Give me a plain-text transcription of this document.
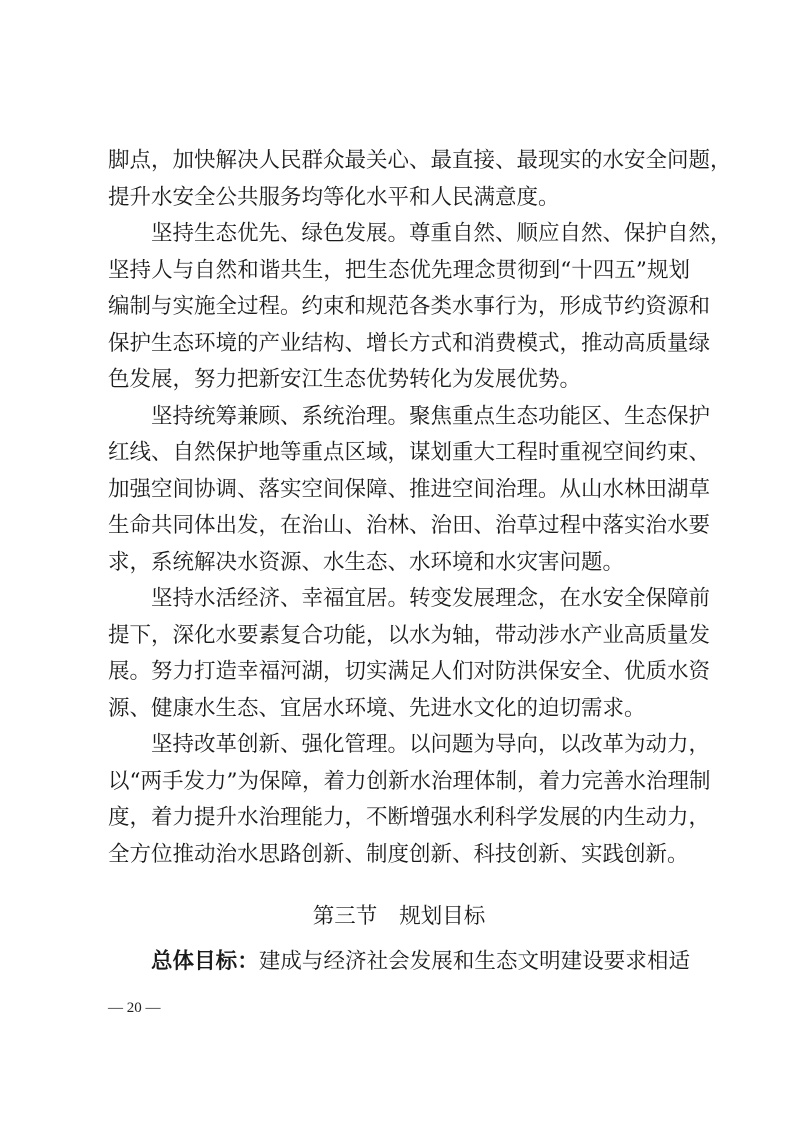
脚点，加快解决人民群众最关心、最直接、最现实的水安全问题，
提升水安全公共服务均等化水平和人民满意度。
坚持生态优先、绿色发展。尊重自然、顺应自然、保护自然，
坚持人与自然和谐共生，把生态优先理念贯彻到“十四五”规划
编制与实施全过程。约束和规范各类水事行为，形成节约资源和
保护生态环境的产业结构、增长方式和消费模式，推动高质量绿
色发展，努力把新安江生态优势转化为发展优势。
坚持统筹兼顾、系统治理。聚焦重点生态功能区、生态保护
红线、自然保护地等重点区域，谋划重大工程时重视空间约束、
加强空间协调、落实空间保障、推进空间治理。从山水林田湖草
生命共同体出发，在治山、治林、治田、治草过程中落实治水要
求，系统解决水资源、水生态、水环境和水灾害问题。
坚持水活经济、幸福宜居。转变发展理念，在水安全保障前
提下，深化水要素复合功能，以水为轴，带动涉水产业高质量发
展。努力打造幸福河湖，切实满足人们对防洪保安全、优质水资
源、健康水生态、宜居水环境、先进水文化的迫切需求。
坚持改革创新、强化管理。以问题为导向，以改革为动力，
以“两手发力”为保障，着力创新水治理体制，着力完善水治理制
度，着力提升水治理能力，不断增强水利科学发展的内生动力，
全方位推动治水思路创新、制度创新、科技创新、实践创新。
第三节 规划目标
总体目标：建成与经济社会发展和生态文明建设要求相适
— 20 —
